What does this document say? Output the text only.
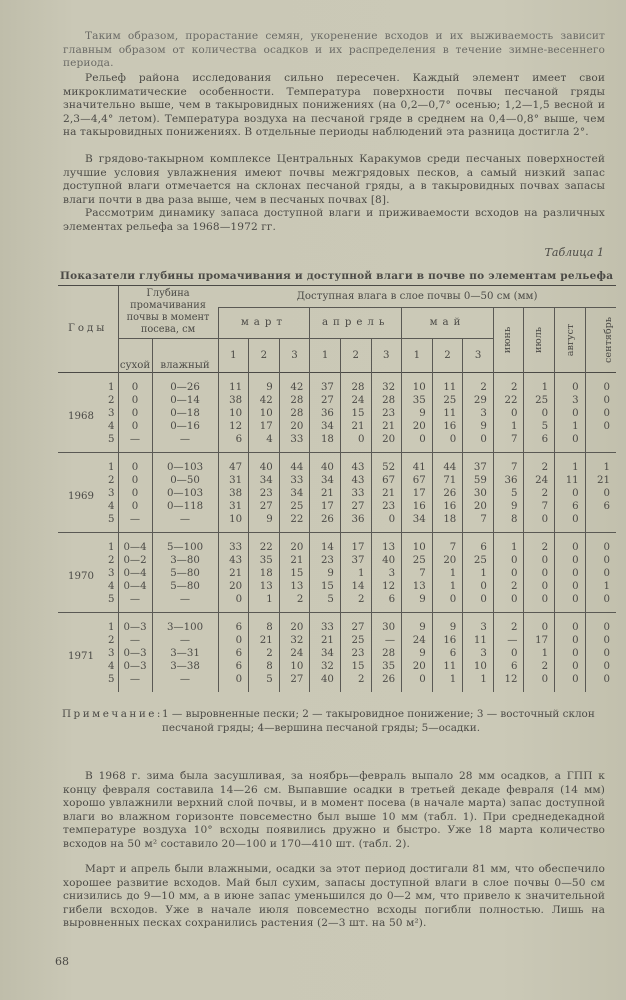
Таким образом, прорастание семян, укоренение всходов и их выживаемость зависит главным образом от количества осадков и их распределения в течение зимне-весеннего периода.
Рельеф района исследования сильно пересечен. Каждый элемент имеет свои микроклиматические особенности. Температура поверхности почвы песчаной гряды значительно выше, чем в такыровидных понижениях (на 0,2—0,7° осенью; 1,2—1,5 весной и 2,3—4,4° летом). Температура воздуха на песчаной гряде в среднем на 0,4—0,8° выше, чем на такыровидных понижениях. В отдельные периоды наблюдений эта разница достигла 2°.
В грядово-такырном комплексе Центральных Каракумов среди песчаных поверхностей лучшие условия увлажнения имеют почвы межгрядовых песков, а самый низкий запас доступной влаги отмечается на склонах песчаной гряды, а в такыровидных почвах запасы влаги почти в два раза выше, чем в песчаных почвах [8].
Рассмотрим динамику запаса доступной влаги и приживаемости всходов на различных элементах рельефа за 1968—1972 гг.
Таблица 1
Показатели глубины промачивания и доступной влаги в почве по элементам рельефа
Годы		Глубина промачивания почвы в момент посева, см		Доступная влага в слое почвы 0—50 см (мм)												
				март			апрель			май			июнь	июль	август	сентябрь
		сухой	влажный	1	2	3	1	2	3	1	2	3				
1968	1	0	0—26	11	9	42	37	28	32	10	11	2	2	1	0	0
	2	0	0—14	38	42	28	27	24	28	35	25	29	22	25	3	0
	3	0	0—18	10	10	28	36	15	23	9	11	3	0	0	0	0
	4	0	0—16	12	17	20	34	21	21	20	16	9	1	5	1	0
	5	—	—	6	4	33	18	0	20	0	0	0	7	6	0	
1969	1	0	0—103	47	40	44	40	43	52	41	44	37	7	2	1	1
	2	0	0—50	31	34	33	34	43	67	67	71	59	36	24	11	21
	3	0	0—103	38	23	34	21	33	21	17	26	30	5	2	0	0
	4	0	0—118	31	27	25	17	27	23	16	16	20	9	7	6	6
	5	—	—	10	9	22	26	36	0	34	18	7	8	0	0	
1970	1	0—4	5—100	33	22	20	14	17	13	10	7	6	1	2	0	0
	2	0—2	3—80	43	35	21	23	37	40	25	20	25	0	0	0	0
	3	0—4	5—80	21	18	15	9	1	3	7	1	1	0	0	0	0
	4	0—4	5—80	20	13	13	15	14	12	13	1	0	2	0	0	1
	5	—	—	0	1	2	5	2	6	9	0	0	0	0	0	0
1971	1	0—3	3—100	6	8	20	33	27	30	9	9	3	2	0	0	0
	2	—	—	0	21	32	21	25	—	24	16	11	—	17	0	0
	3	0—3	3—31	6	2	24	34	23	28	9	6	3	0	1	0	0
	4	0—3	3—38	6	8	10	32	15	35	20	11	10	6	2	0	0
	5	—	—	0	5	27	40	2	26	0	1	1	12	0	0	0
Примечание: 1 — выровненные пески; 2 — такыровидное понижение; 3 — восточный склон песчаной гряды; 4—вершина песчаной гряды; 5—осадки.
В 1968 г. зима была засушливая, за ноябрь—февраль выпало 28 мм осадков, а ГПП к концу февраля составила 14—26 см. Выпавшие осадки в третьей декаде февраля (14 мм) хорошо увлажнили верхний слой почвы, и в момент посева (в начале марта) запас доступной влаги во влажном горизонте повсеместно был выше 10 мм (табл. 1). При среднедекадной температуре воздуха 10° всходы появились дружно и быстро. Уже 18 марта количество всходов на 50 м² составило 20—100 и 170—410 шт. (табл. 2).
Март и апрель были влажными, осадки за этот период достигали 81 мм, что обеспечило хорошее развитие всходов. Май был сухим, запасы доступной влаги в слое почвы 0—50 см снизились до 9—10 мм, а в июне запас уменьшился до 0—2 мм, что привело к значительной гибели всходов. Уже в начале июля повсеместно всходы погибли полностью. Лишь на выровненных песках сохранились растения (2—3 шт. на 50 м²).
68
